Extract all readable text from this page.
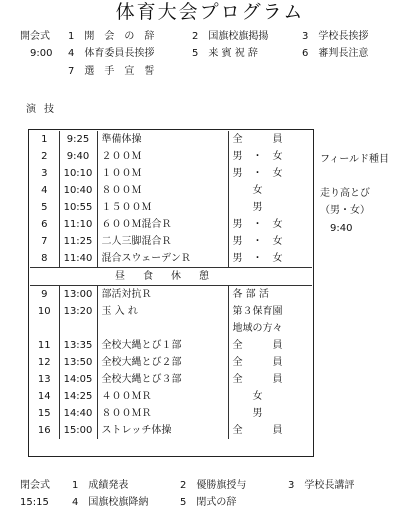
体育大会プログラム
開会式 1　開　会　の　辞	2　国旗校旗掲揚	3　学校長挨拶
9:00 4　体育委員長挨拶	5　来 賓 祝 辞	6　審判長注意
7　選　手　宣　誓
演技
1	9:25	準備体操	全　　　員
2	9:40	２００Ｍ	男　・　女
3	10:10	１００Ｍ	男　・　女
4	10:40	８００Ｍ	　　女
5	10:55	１５００Ｍ	　　男
6	11:10	６００Ｍ混合Ｒ	男　・　女
7	11:25	二人三脚混合Ｒ	男　・　女
8	11:40	混合スウェーデンＲ	男　・　女
昼食休憩			
9	13:00	部活対抗Ｒ	各 部 活
10	13:20	玉 入 れ	第３保育園
			地域の方々
11	13:35	全校大縄とび１部	全　　　員
12	13:50	全校大縄とび２部	全　　　員
13	14:05	全校大縄とび３部	全　　　員
14	14:25	４００ＭＲ	　　女
15	14:40	８００ＭＲ	　　男
16	15:00	ストレッチ体操	全　　　員
フィールド種目
走り高とび
（男・女）
9:40
閉会式 1　成績発表	2　優勝旗授与	3　学校長講評
15:15 4　国旗校旗降納	5　閉式の辞
